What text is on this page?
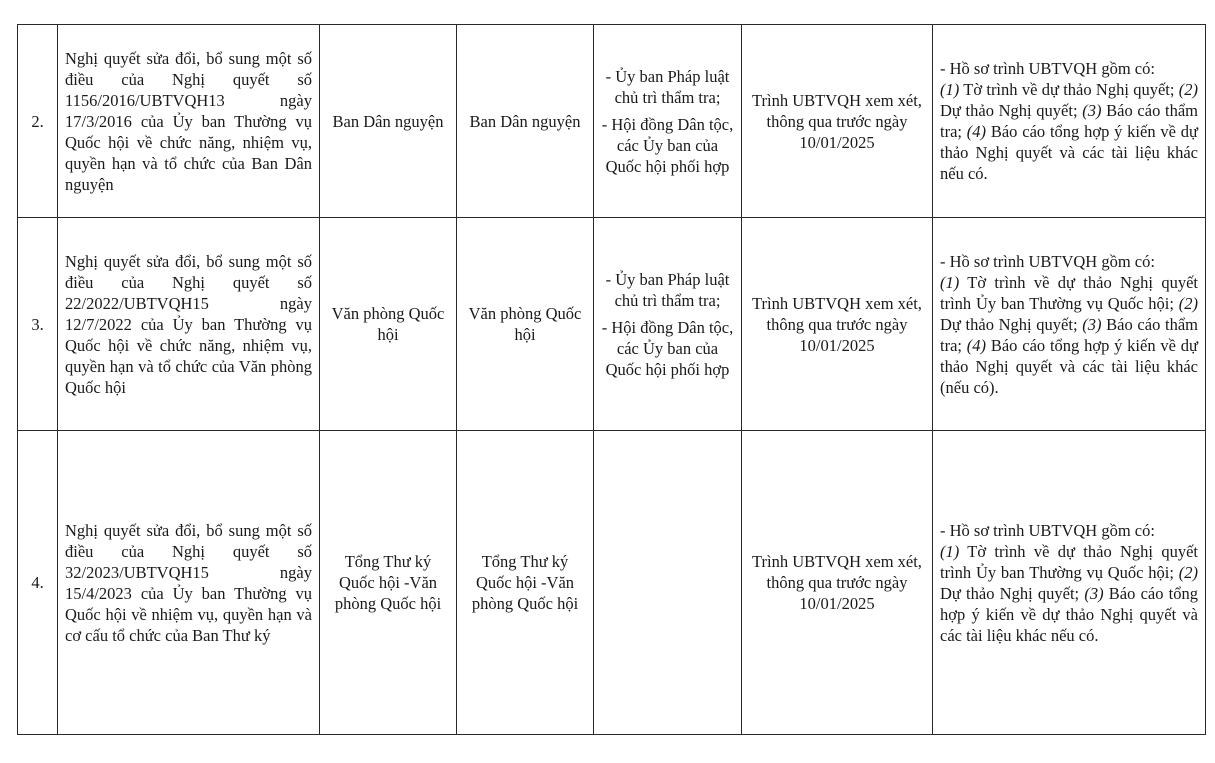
2.	Nghị quyết sửa đổi, bổ sung một số điều của Nghị quyết số 1156/2016/UBTVQH13 ngày 17/3/2016 của Ủy ban Thường vụ Quốc hội về chức năng, nhiệm vụ, quyền hạn và tổ chức của Ban Dân nguyện	Ban Dân nguyện	Ban Dân nguyện	- Ủy ban Pháp luật chủ trì thẩm tra;
- Hội đồng Dân tộc, các Ủy ban của Quốc hội phối hợp	Trình UBTVQH xem xét, thông qua trước ngày 10/01/2025	- Hồ sơ trình UBTVQH gồm có:
(1) Tờ trình về dự thảo Nghị quyết; (2) Dự thảo Nghị quyết; (3) Báo cáo thẩm tra; (4) Báo cáo tổng hợp ý kiến về dự thảo Nghị quyết và các tài liệu khác nếu có.
3.	Nghị quyết sửa đổi, bổ sung một số điều của Nghị quyết số 22/2022/UBTVQH15 ngày 12/7/2022 của Ủy ban Thường vụ Quốc hội về chức năng, nhiệm vụ, quyền hạn và tổ chức của Văn phòng Quốc hội	Văn phòng Quốc hội	Văn phòng Quốc hội	- Ủy ban Pháp luật chủ trì thẩm tra;
- Hội đồng Dân tộc, các Ủy ban của Quốc hội phối hợp	Trình UBTVQH xem xét, thông qua trước ngày 10/01/2025	- Hồ sơ trình UBTVQH gồm có:
(1) Tờ trình về dự thảo Nghị quyết trình Ủy ban Thường vụ Quốc hội; (2) Dự thảo Nghị quyết; (3) Báo cáo thẩm tra; (4) Báo cáo tổng hợp ý kiến về dự thảo Nghị quyết và các tài liệu khác (nếu có).
4.	Nghị quyết sửa đổi, bổ sung một số điều của Nghị quyết số 32/2023/UBTVQH15 ngày 15/4/2023 của Ủy ban Thường vụ Quốc hội về nhiệm vụ, quyền hạn và cơ cấu tổ chức của Ban Thư ký	Tổng Thư ký Quốc hội -Văn phòng Quốc hội	Tổng Thư ký Quốc hội -Văn phòng Quốc hội		Trình UBTVQH xem xét, thông qua trước ngày 10/01/2025	- Hồ sơ trình UBTVQH gồm có:
(1) Tờ trình về dự thảo Nghị quyết trình Ủy ban Thường vụ Quốc hội; (2) Dự thảo Nghị quyết; (3) Báo cáo tổng hợp ý kiến về dự thảo Nghị quyết và các tài liệu khác nếu có.
